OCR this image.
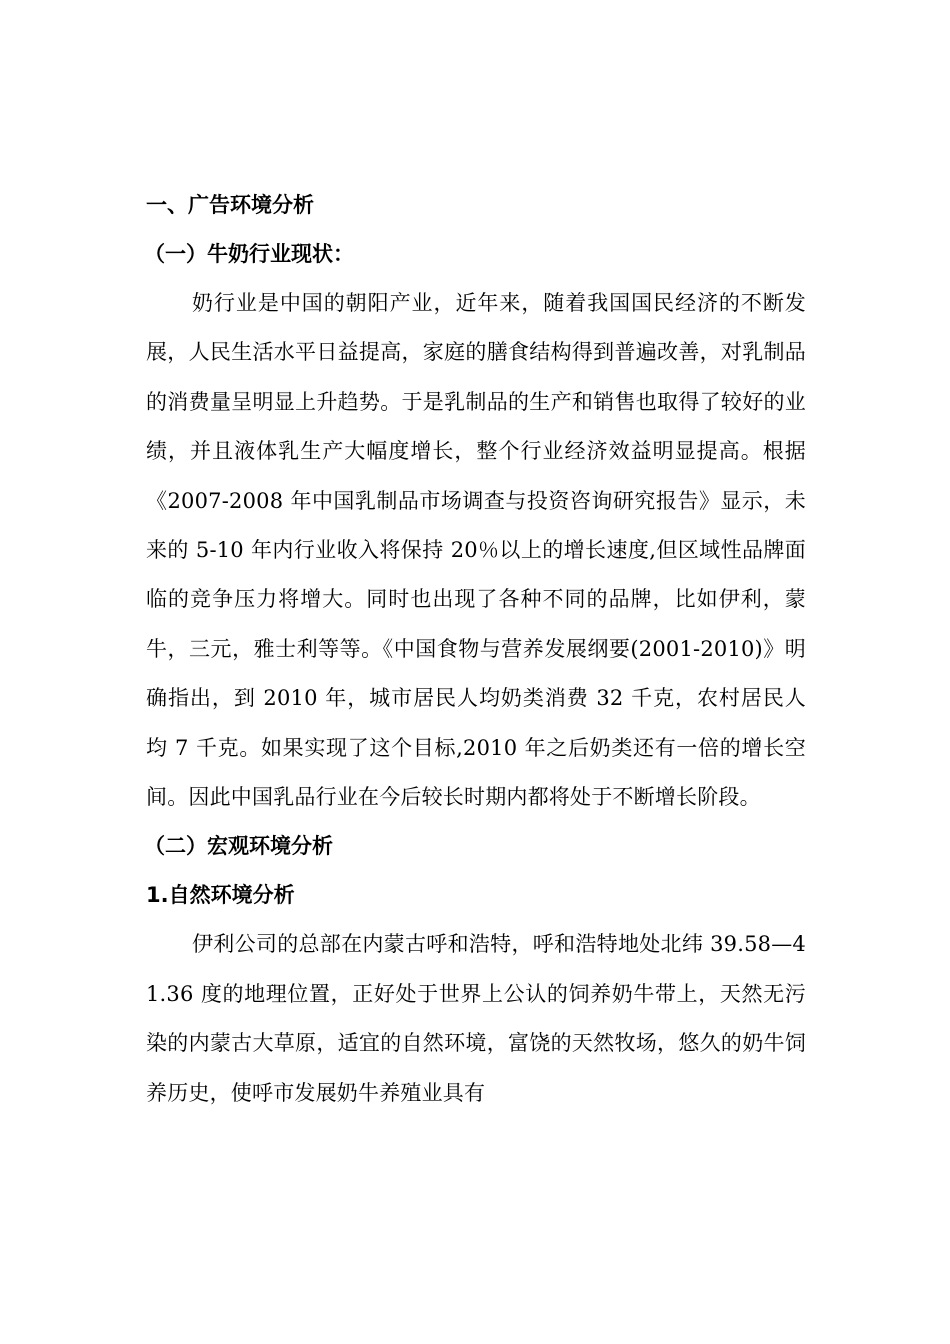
一、广告环境分析
（一）牛奶行业现状：

奶行业是中国的朝阳产业，近年来，随着我国国民经济的不断发展，人民生活水平日益提高，家庭的膳食结构得到普遍改善，对乳制品的消费量呈明显上升趋势。于是乳制品的生产和销售也取得了较好的业绩，并且液体乳生产大幅度增长，整个行业经济效益明显提高。根据 《2007-2008 年中国乳制品市场调查与投资咨询研究报告》显示，未来的 5-10 年内行业收入将保持 20％以上的增长速度,但区域性品牌面临的竞争压力将增大。同时也出现了各种不同的品牌，比如伊利，蒙牛，三元，雅士利等等。《中国食物与营养发展纲要(2001-2010)》明确指出，到 2010 年，城市居民人均奶类消费 32 千克，农村居民人均 7 千克。如果实现了这个目标,2010 年之后奶类还有一倍的增长空间。因此中国乳品行业在今后较长时期内都将处于不断增长阶段。

（二）宏观环境分析
1.自然环境分析

伊利公司的总部在内蒙古呼和浩特，呼和浩特地处北纬 39.58—41.36 度的地理位置，正好处于世界上公认的饲养奶牛带上，天然无污染的内蒙古大草原，适宜的自然环境，富饶的天然牧场，悠久的奶牛饲养历史，使呼市发展奶牛养殖业具有
